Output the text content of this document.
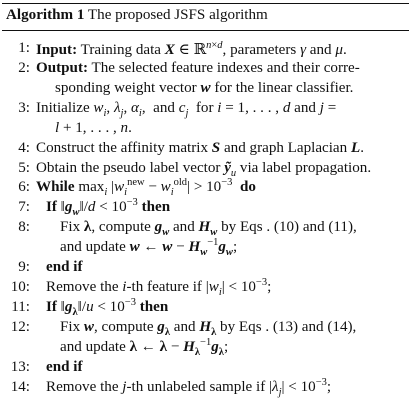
Algorithm 1 The proposed JSFS algorithm
1: Input: Training data X ∈ ℝ$^{n\times d}$, parameters γ and μ.
2: Output: The selected feature indexes and their corre-
sponding weight vector w for the linear classifier.
3: Initialize $w_i$, $\lambda_j$, $\alpha_i$,  and $c_j$  for i = 1, . . . , d and j =
l + 1, . . . , n.
4: Construct the affinity matrix S and graph Laplacian L.
5: Obtain the pseudo label vector ỹ$_u$ via label propagation.
6: While $\max_i |w_i^{new} - w_i^{old}| > 10^{-3}$ do
7: If $‖g_w‖/d < 10^{-3}$ then
8: Fix λ, compute $g_w$ and $H_w$ by Eqs . (10) and (11),
and update w ← $w - H_w^{-1}g_w$;
9: end if
10: Remove the i-th feature if $|w_i| < 10^{-3}$;
11: If $‖g_\lambda‖/u < 10^{-3}$ then
12: Fix w, compute $g_\lambda$ and $H_\lambda$ by Eqs . (13) and (14),
and update λ ← $\lambda - H_\lambda^{-1}g_\lambda$;
13: end if
14: Remove the j-th unlabeled sample if $|\lambda_j| < 10^{-3}$;
